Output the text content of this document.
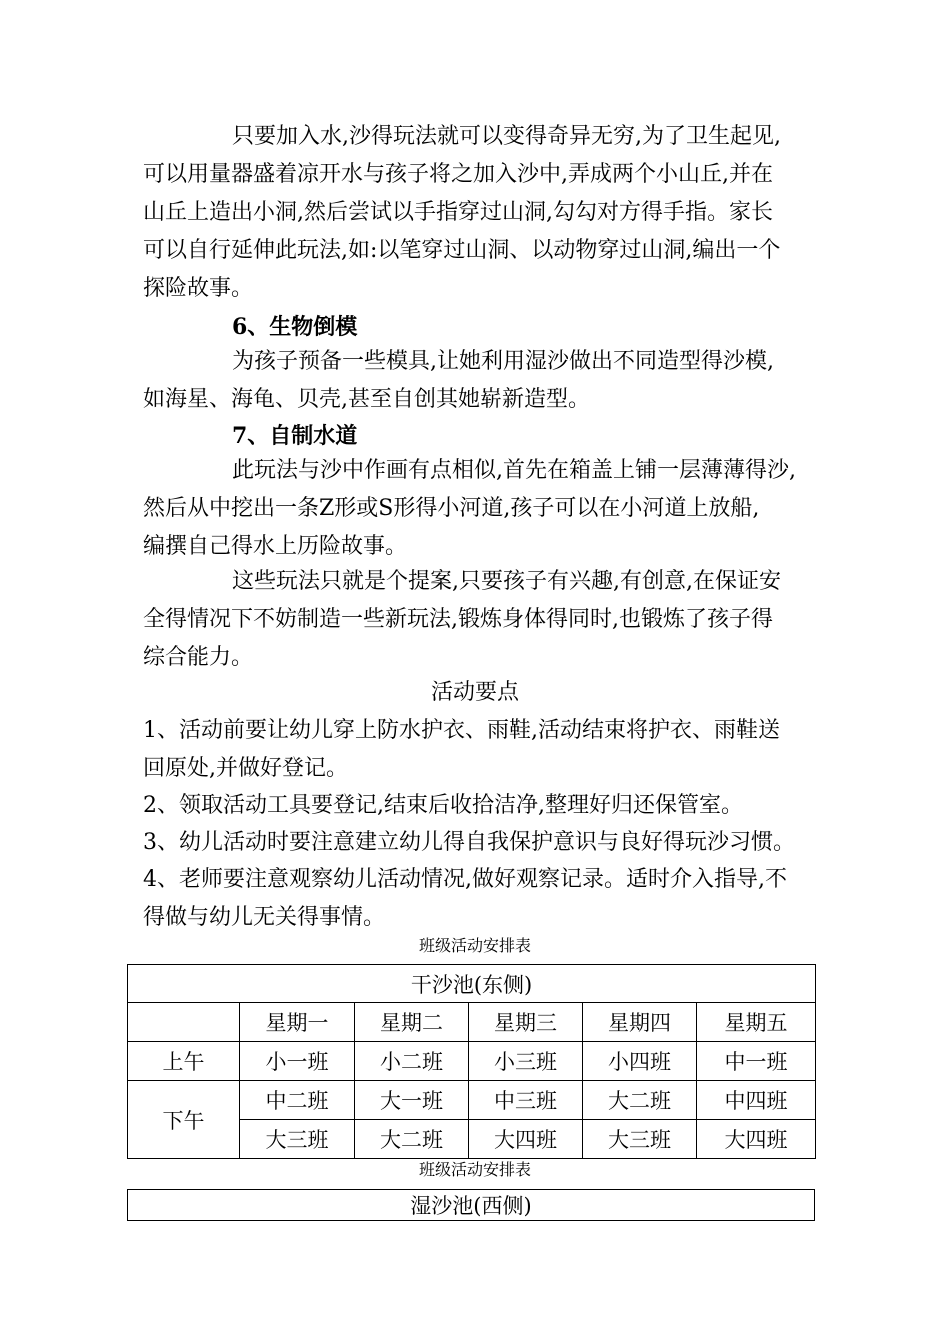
只要加入水,沙得玩法就可以变得奇异无穷,为了卫生起见,
可以用量器盛着凉开水与孩子将之加入沙中,弄成两个小山丘,并在
山丘上造出小洞,然后尝试以手指穿过山洞,勾勾对方得手指。家长
可以自行延伸此玩法,如:以笔穿过山洞、以动物穿过山洞,编出一个
探险故事。
6、生物倒模
为孩子预备一些模具,让她利用湿沙做出不同造型得沙模,
如海星、海龟、贝壳,甚至自创其她崭新造型。
7、自制水道
此玩法与沙中作画有点相似,首先在箱盖上铺一层薄薄得沙,
然后从中挖出一条Z形或S形得小河道,孩子可以在小河道上放船,
编撰自己得水上历险故事。
这些玩法只就是个提案,只要孩子有兴趣,有创意,在保证安
全得情况下不妨制造一些新玩法,锻炼身体得同时,也锻炼了孩子得
综合能力。
活动要点
1、活动前要让幼儿穿上防水护衣、雨鞋,活动结束将护衣、雨鞋送
回原处,并做好登记。
2、领取活动工具要登记,结束后收拾洁净,整理好归还保管室。
3、幼儿活动时要注意建立幼儿得自我保护意识与良好得玩沙习惯。
4、老师要注意观察幼儿活动情况,做好观察记录。适时介入指导,不
得做与幼儿无关得事情。
班级活动安排表
干沙池(东侧)					
	星期一	星期二	星期三	星期四	星期五
上午	小一班	小二班	小三班	小四班	中一班
下午	中二班	大一班	中三班	大二班	中四班
	大三班	大二班	大四班	大三班	大四班
班级活动安排表
湿沙池(西侧)
